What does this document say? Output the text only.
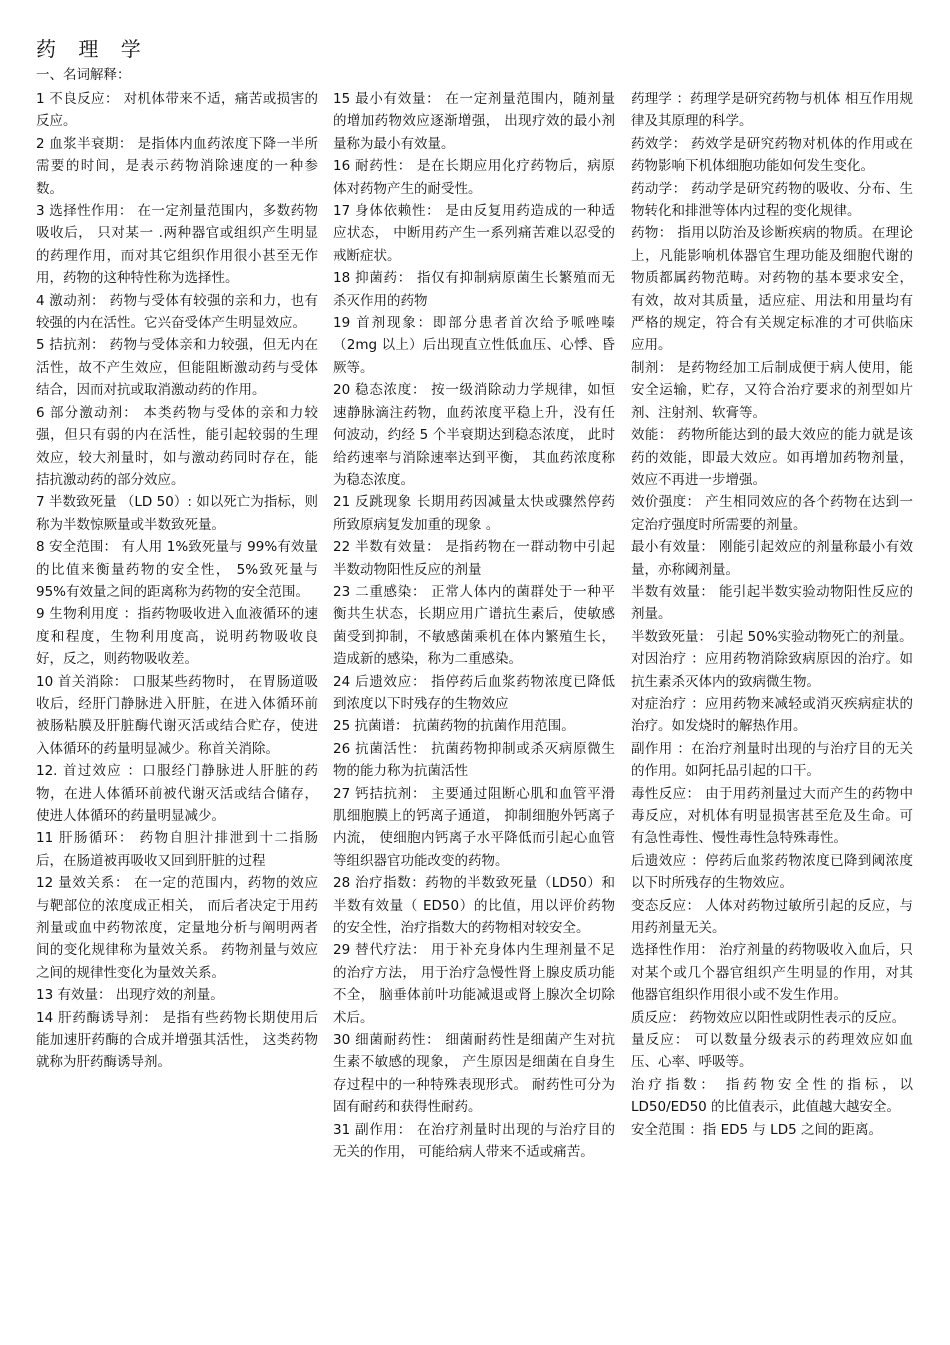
药 理 学
一、名词解释：

1 不良反应： 对机体带来不适，痛苦或损害的反应。

2 血浆半衰期： 是指体内血药浓度下降一半所需要的时间，是表示药物消除速度的一种参数。

3 选择性作用： 在一定剂量范围内，多数药物吸收后， 只对某一 .两种器官或组织产生明显的药理作用，而对其它组织作用很小甚至无作用，药物的这种特性称为选择性。

4 激动剂： 药物与受体有较强的亲和力，也有较强的内在活性。它兴奋受体产生明显效应。

5 拮抗剂： 药物与受体亲和力较强，但无内在活性，故不产生效应，但能阻断激动药与受体结合，因而对抗或取消激动药的作用。

6 部分激动剂： 本类药物与受体的亲和力较强，但只有弱的内在活性，能引起较弱的生理效应，较大剂量时，如与激动药同时存在，能拮抗激动药的部分效应。

7 半数致死量 （LD 50）: 如以死亡为指标，则称为半数惊厥量或半数致死量。

8 安全范围： 有人用 1%致死量与 99%有效量的比值来衡量药物的安全性， 5%致死量与 95%有效量之间的距离称为药物的安全范围。

9 生物利用度 ：指药物吸收进入血液循环的速度和程度，生物利用度高，说明药物吸收良好，反之，则药物吸收差。

10 首关消除： 口服某些药物时， 在胃肠道吸收后，经肝门静脉进入肝脏，在进入体循环前被肠粘膜及肝脏酶代谢灭活或结合贮存，使进入体循环的药量明显减少。称首关消除。

12. 首过效应 ：口服经门静脉进人肝脏的药物，在进人体循环前被代谢灭活或结合储存，使进人体循环的药量明显减少。

11 肝肠循环： 药物自胆汁排泄到十二指肠后，在肠道被再吸收又回到肝脏的过程

12 量效关系： 在一定的范围内，药物的效应与靶部位的浓度成正相关， 而后者决定于用药剂量或血中药物浓度，定量地分析与阐明两者间的变化规律称为量效关系。 药物剂量与效应之间的规律性变化为量效关系。

13 有效量： 出现疗效的剂量。

14 肝药酶诱导剂： 是指有些药物长期使用后能加速肝药酶的合成并增强其活性， 这类药物就称为肝药酶诱导剂。

15 最小有效量： 在一定剂量范围内，随剂量的增加药物效应逐渐增强， 出现疗效的最小剂量称为最小有效量。

16 耐药性： 是在长期应用化疗药物后，病原体对药物产生的耐受性。

17 身体依赖性： 是由反复用药造成的一种适应状态， 中断用药产生一系列痛苦难以忍受的戒断症状。

18 抑菌药： 指仅有抑制病原菌生长繁殖而无杀灭作用的药物

19 首剂现象：即部分患者首次给予哌唑嗪（2mg 以上）后出现直立性低血压、心悸、昏厥等。

20 稳态浓度： 按一级消除动力学规律，如恒速静脉滴注药物，血药浓度平稳上升，没有任何波动，约经 5 个半衰期达到稳态浓度， 此时给药速率与消除速率达到平衡， 其血药浓度称为稳态浓度。

21 反跳现象 长期用药因减量太快或骤然停药所致原病复发加重的现象 。

22 半数有效量： 是指药物在一群动物中引起半数动物阳性反应的剂量

23 二重感染： 正常人体内的菌群处于一种平衡共生状态，长期应用广谱抗生素后，使敏感菌受到抑制，不敏感菌乘机在体内繁殖生长，造成新的感染，称为二重感染。

24 后遗效应： 指停药后血浆药物浓度已降低到浓度以下时残存的生物效应

25 抗菌谱： 抗菌药物的抗菌作用范围。

26 抗菌活性： 抗菌药物抑制或杀灭病原微生物的能力称为抗菌活性

27 钙拮抗剂： 主要通过阻断心肌和血管平滑肌细胞膜上的钙离子通道， 抑制细胞外钙离子内流， 使细胞内钙离子水平降低而引起心血管等组织器官功能改变的药物。

28 治疗指数：药物的半数致死量（LD50）和半数有效量（ ED50）的比值，用以评价药物的安全性，治疗指数大的药物相对较安全。

29 替代疗法： 用于补充身体内生理剂量不足的治疗方法， 用于治疗急慢性肾上腺皮质功能不全， 脑垂体前叶功能减退或肾上腺次全切除术后。

30 细菌耐药性： 细菌耐药性是细菌产生对抗生素不敏感的现象， 产生原因是细菌在自身生存过程中的一种特殊表现形式。 耐药性可分为固有耐药和获得性耐药。

31 副作用： 在治疗剂量时出现的与治疗目的无关的作用， 可能给病人带来不适或痛苦。

药理学 ：药理学是研究药物与机体 相互作用规律及其原理的科学。

药效学： 药效学是研究药物对机体的作用或在药物影响下机体细胞功能如何发生变化。

药动学： 药动学是研究药物的吸收、分布、生物转化和排泄等体内过程的变化规律。

药物： 指用以防治及诊断疾病的物质。在理论上，凡能影响机体器官生理功能及细胞代谢的物质都属药物范畴。对药物的基本要求安全， 有效，故对其质量，适应症、用法和用量均有严格的规定，符合有关规定标准的才可供临床应用。

制剂： 是药物经加工后制成便于病人使用，能安全运输，贮存，又符合治疗要求的剂型如片剂、注射剂、软膏等。

效能： 药物所能达到的最大效应的能力就是该药的效能，即最大效应。如再增加药物剂量，效应不再进一步增强。

效价强度： 产生相同效应的各个药物在达到一定治疗强度时所需要的剂量。

最小有效量： 刚能引起效应的剂量称最小有效量，亦称阈剂量。

半数有效量： 能引起半数实验动物阳性反应的剂量。

半数致死量： 引起 50%实验动物死亡的剂量。

对因治疗 ：应用药物消除致病原因的治疗。如抗生素杀灭体内的致病微生物。

对症治疗 ：应用药物来减轻或消灭疾病症状的治疗。如发烧时的解热作用。

副作用 ：在治疗剂量时出现的与治疗目的无关的作用。如阿托品引起的口干。

毒性反应： 由于用药剂量过大而产生的药物中毒反应，对机体有明显损害甚至危及生命。可有急性毒性、慢性毒性急特殊毒性。

后遗效应 ：停药后血浆药物浓度已降到阈浓度以下时所残存的生物效应。

变态反应： 人体对药物过敏所引起的反应，与用药剂量无关。

选择性作用： 治疗剂量的药物吸收入血后，只对某个或几个器官组织产生明显的作用，对其他器官组织作用很小或不发生作用。

质反应： 药物效应以阳性或阴性表示的反应。

量反应： 可以数量分级表示的药理效应如血压、心率、呼吸等。

治疗指数： 指药物安全性的指标，以LD50/ED50 的比值表示，此值越大越安全。

安全范围 ：指 ED5 与 LD5 之间的距离。
